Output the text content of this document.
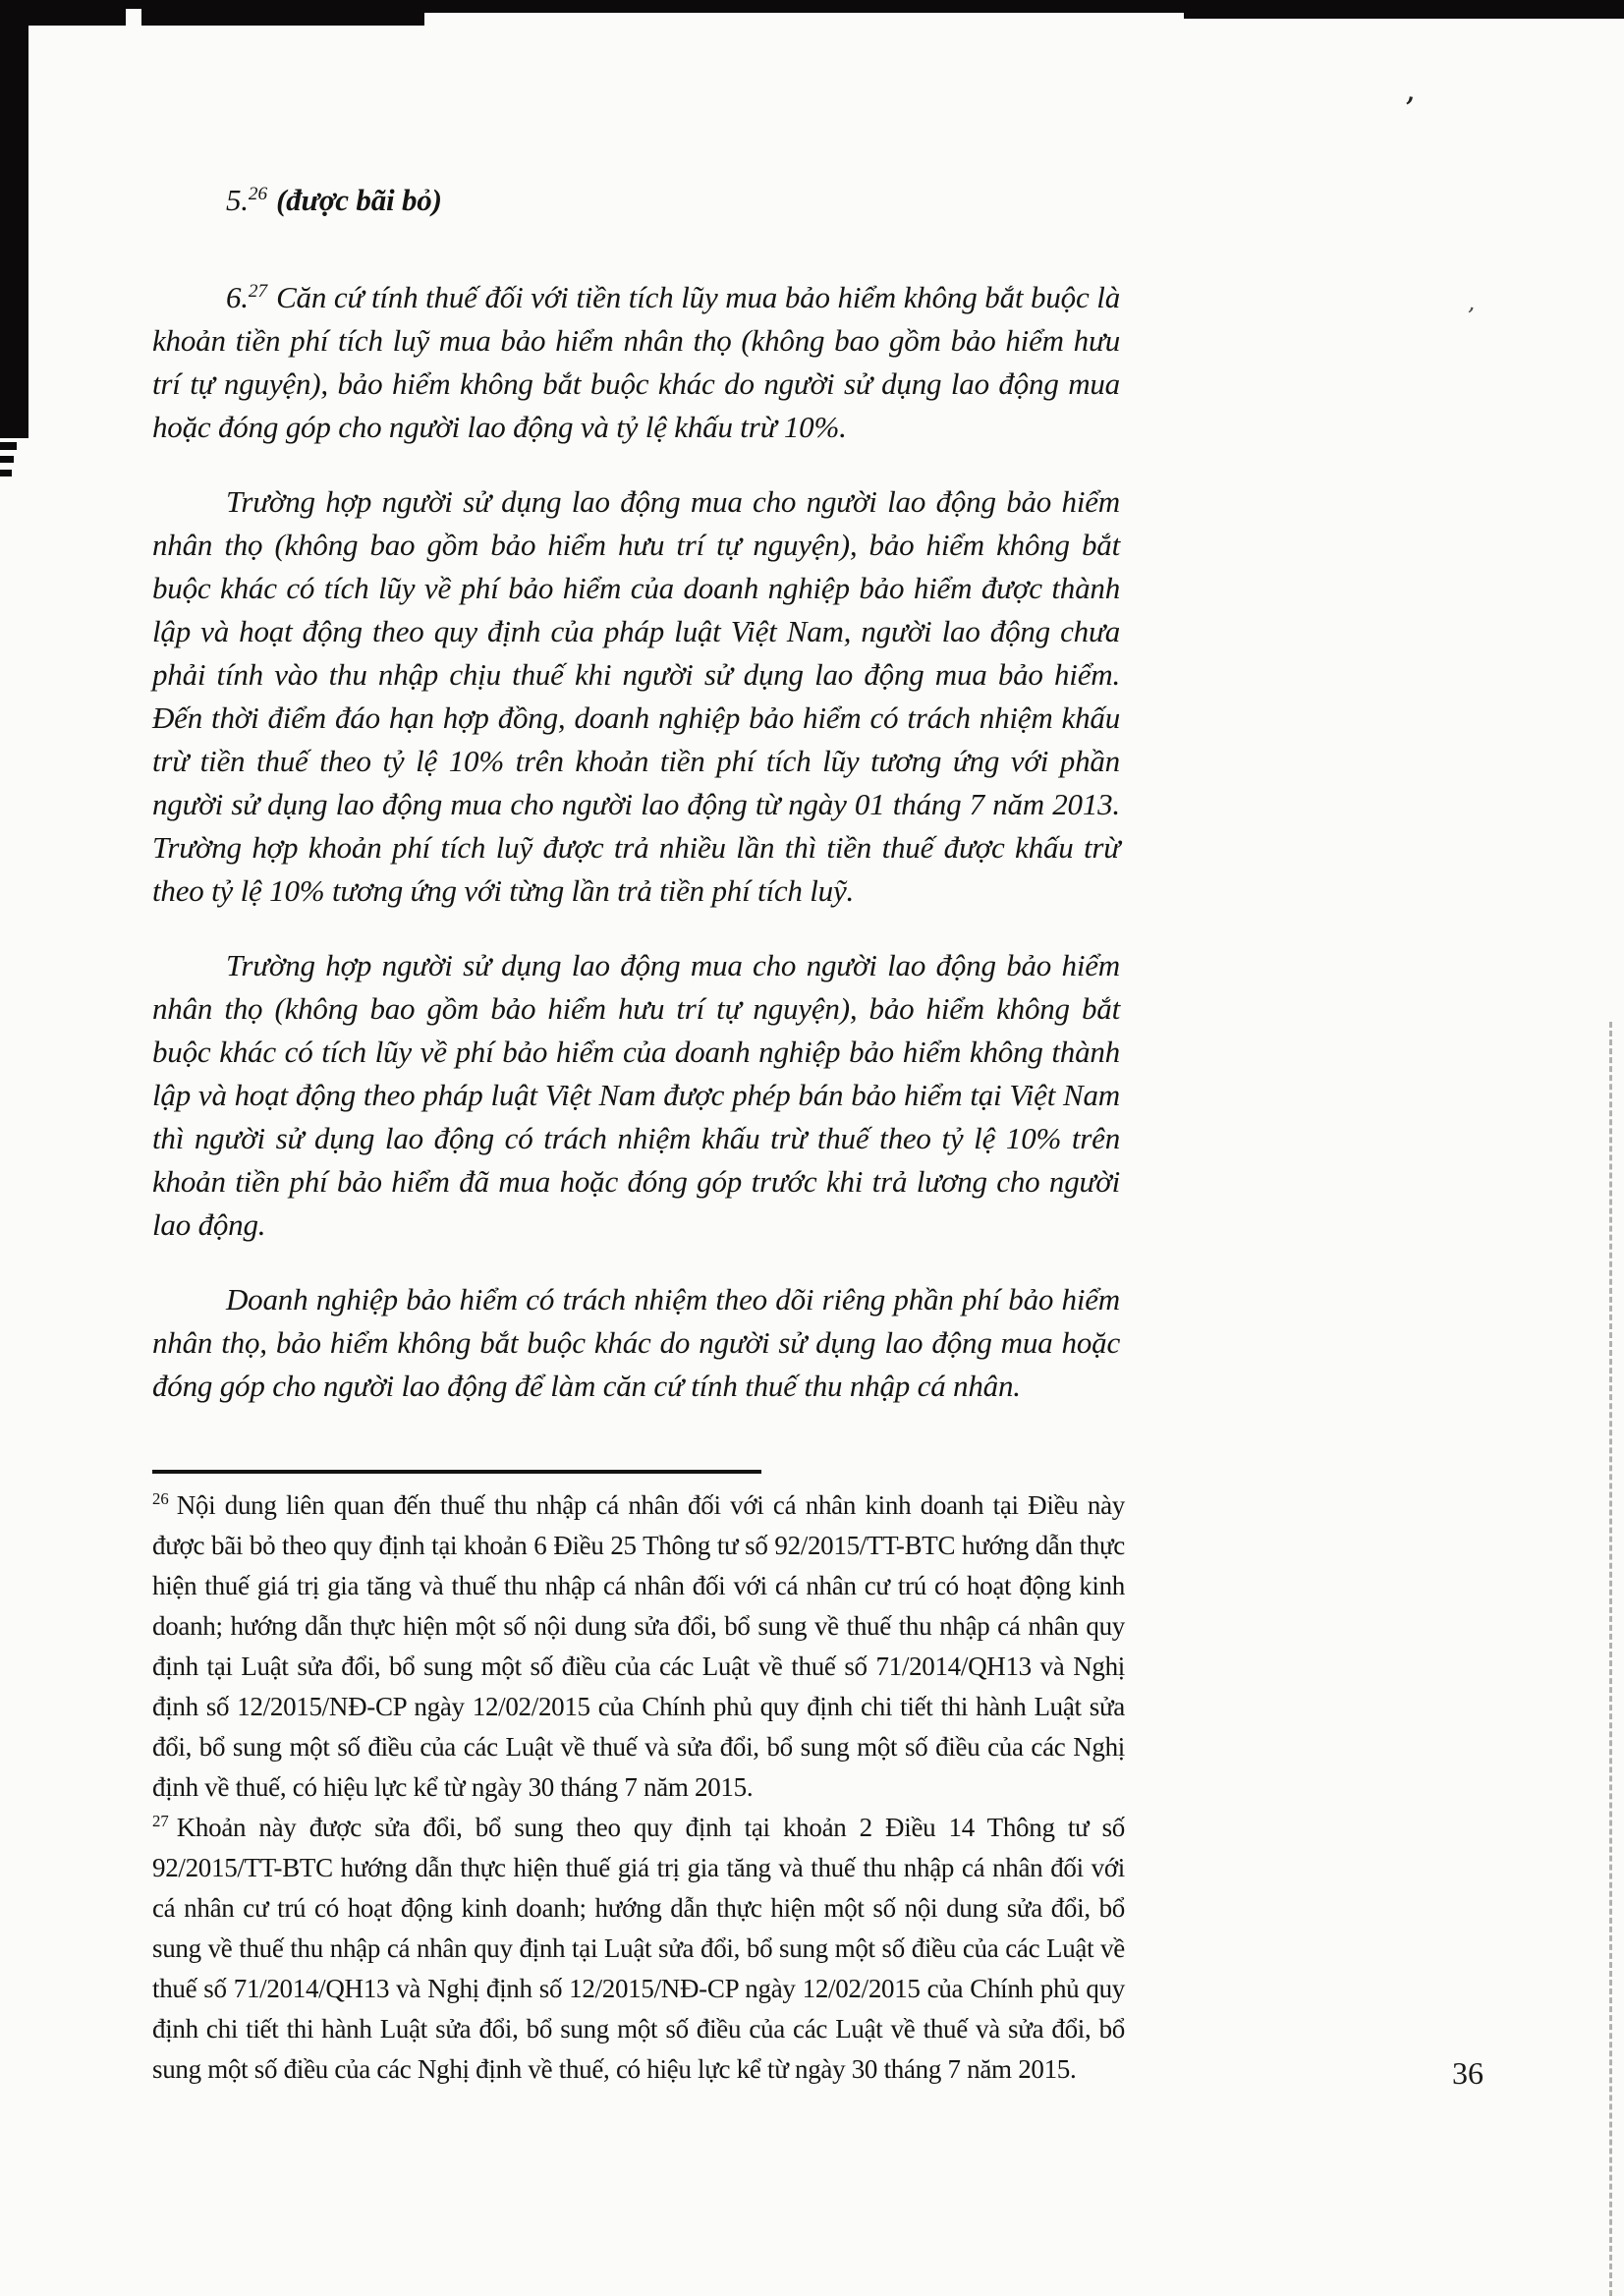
’
’

5.26 (được bãi bỏ)

6.27 Căn cứ tính thuế đối với tiền tích lũy mua bảo hiểm không bắt buộc là khoản tiền phí tích luỹ mua bảo hiểm nhân thọ (không bao gồm bảo hiểm hưu trí tự nguyện), bảo hiểm không bắt buộc khác do người sử dụng lao động mua hoặc đóng góp cho người lao động và tỷ lệ khấu trừ 10%.

Trường hợp người sử dụng lao động mua cho người lao động bảo hiểm nhân thọ (không bao gồm bảo hiểm hưu trí tự nguyện), bảo hiểm không bắt buộc khác có tích lũy về phí bảo hiểm của doanh nghiệp bảo hiểm được thành lập và hoạt động theo quy định của pháp luật Việt Nam, người lao động chưa phải tính vào thu nhập chịu thuế khi người sử dụng lao động mua bảo hiểm. Đến thời điểm đáo hạn hợp đồng, doanh nghiệp bảo hiểm có trách nhiệm khấu trừ tiền thuế theo tỷ lệ 10% trên khoản tiền phí tích lũy tương ứng với phần người sử dụng lao động mua cho người lao động từ ngày 01 tháng 7 năm 2013. Trường hợp khoản phí tích luỹ được trả nhiều lần thì tiền thuế được khấu trừ theo tỷ lệ 10% tương ứng với từng lần trả tiền phí tích luỹ.

Trường hợp người sử dụng lao động mua cho người lao động bảo hiểm nhân thọ (không bao gồm bảo hiểm hưu trí tự nguyện), bảo hiểm không bắt buộc khác có tích lũy về phí bảo hiểm của doanh nghiệp bảo hiểm không thành lập và hoạt động theo pháp luật Việt Nam được phép bán bảo hiểm tại Việt Nam thì người sử dụng lao động có trách nhiệm khấu trừ thuế theo tỷ lệ 10% trên khoản tiền phí bảo hiểm đã mua hoặc đóng góp trước khi trả lương cho người lao động.

Doanh nghiệp bảo hiểm có trách nhiệm theo dõi riêng phần phí bảo hiểm nhân thọ, bảo hiểm không bắt buộc khác do người sử dụng lao động mua hoặc đóng góp cho người lao động để làm căn cứ tính thuế thu nhập cá nhân.

$^{26}$ Nội dung liên quan đến thuế thu nhập cá nhân đối với cá nhân kinh doanh tại Điều này được bãi bỏ theo quy định tại khoản 6 Điều 25 Thông tư số 92/2015/TT-BTC hướng dẫn thực hiện thuế giá trị gia tăng và thuế thu nhập cá nhân đối với cá nhân cư trú có hoạt động kinh doanh; hướng dẫn thực hiện một số nội dung sửa đổi, bổ sung về thuế thu nhập cá nhân quy định tại Luật sửa đổi, bổ sung một số điều của các Luật về thuế số 71/2014/QH13 và Nghị định số 12/2015/NĐ-CP ngày 12/02/2015 của Chính phủ quy định chi tiết thi hành Luật sửa đổi, bổ sung một số điều của các Luật về thuế và sửa đổi, bổ sung một số điều của các Nghị định về thuế, có hiệu lực kể từ ngày 30 tháng 7 năm 2015.

$^{27}$ Khoản này được sửa đổi, bổ sung theo quy định tại khoản 2 Điều 14 Thông tư số 92/2015/TT-BTC hướng dẫn thực hiện thuế giá trị gia tăng và thuế thu nhập cá nhân đối với cá nhân cư trú có hoạt động kinh doanh; hướng dẫn thực hiện một số nội dung sửa đổi, bổ sung về thuế thu nhập cá nhân quy định tại Luật sửa đổi, bổ sung một số điều của các Luật về thuế số 71/2014/QH13 và Nghị định số 12/2015/NĐ-CP ngày 12/02/2015 của Chính phủ quy định chi tiết thi hành Luật sửa đổi, bổ sung một số điều của các Luật về thuế và sửa đổi, bổ sung một số điều của các Nghị định về thuế, có hiệu lực kể từ ngày 30 tháng 7 năm 2015.	36
